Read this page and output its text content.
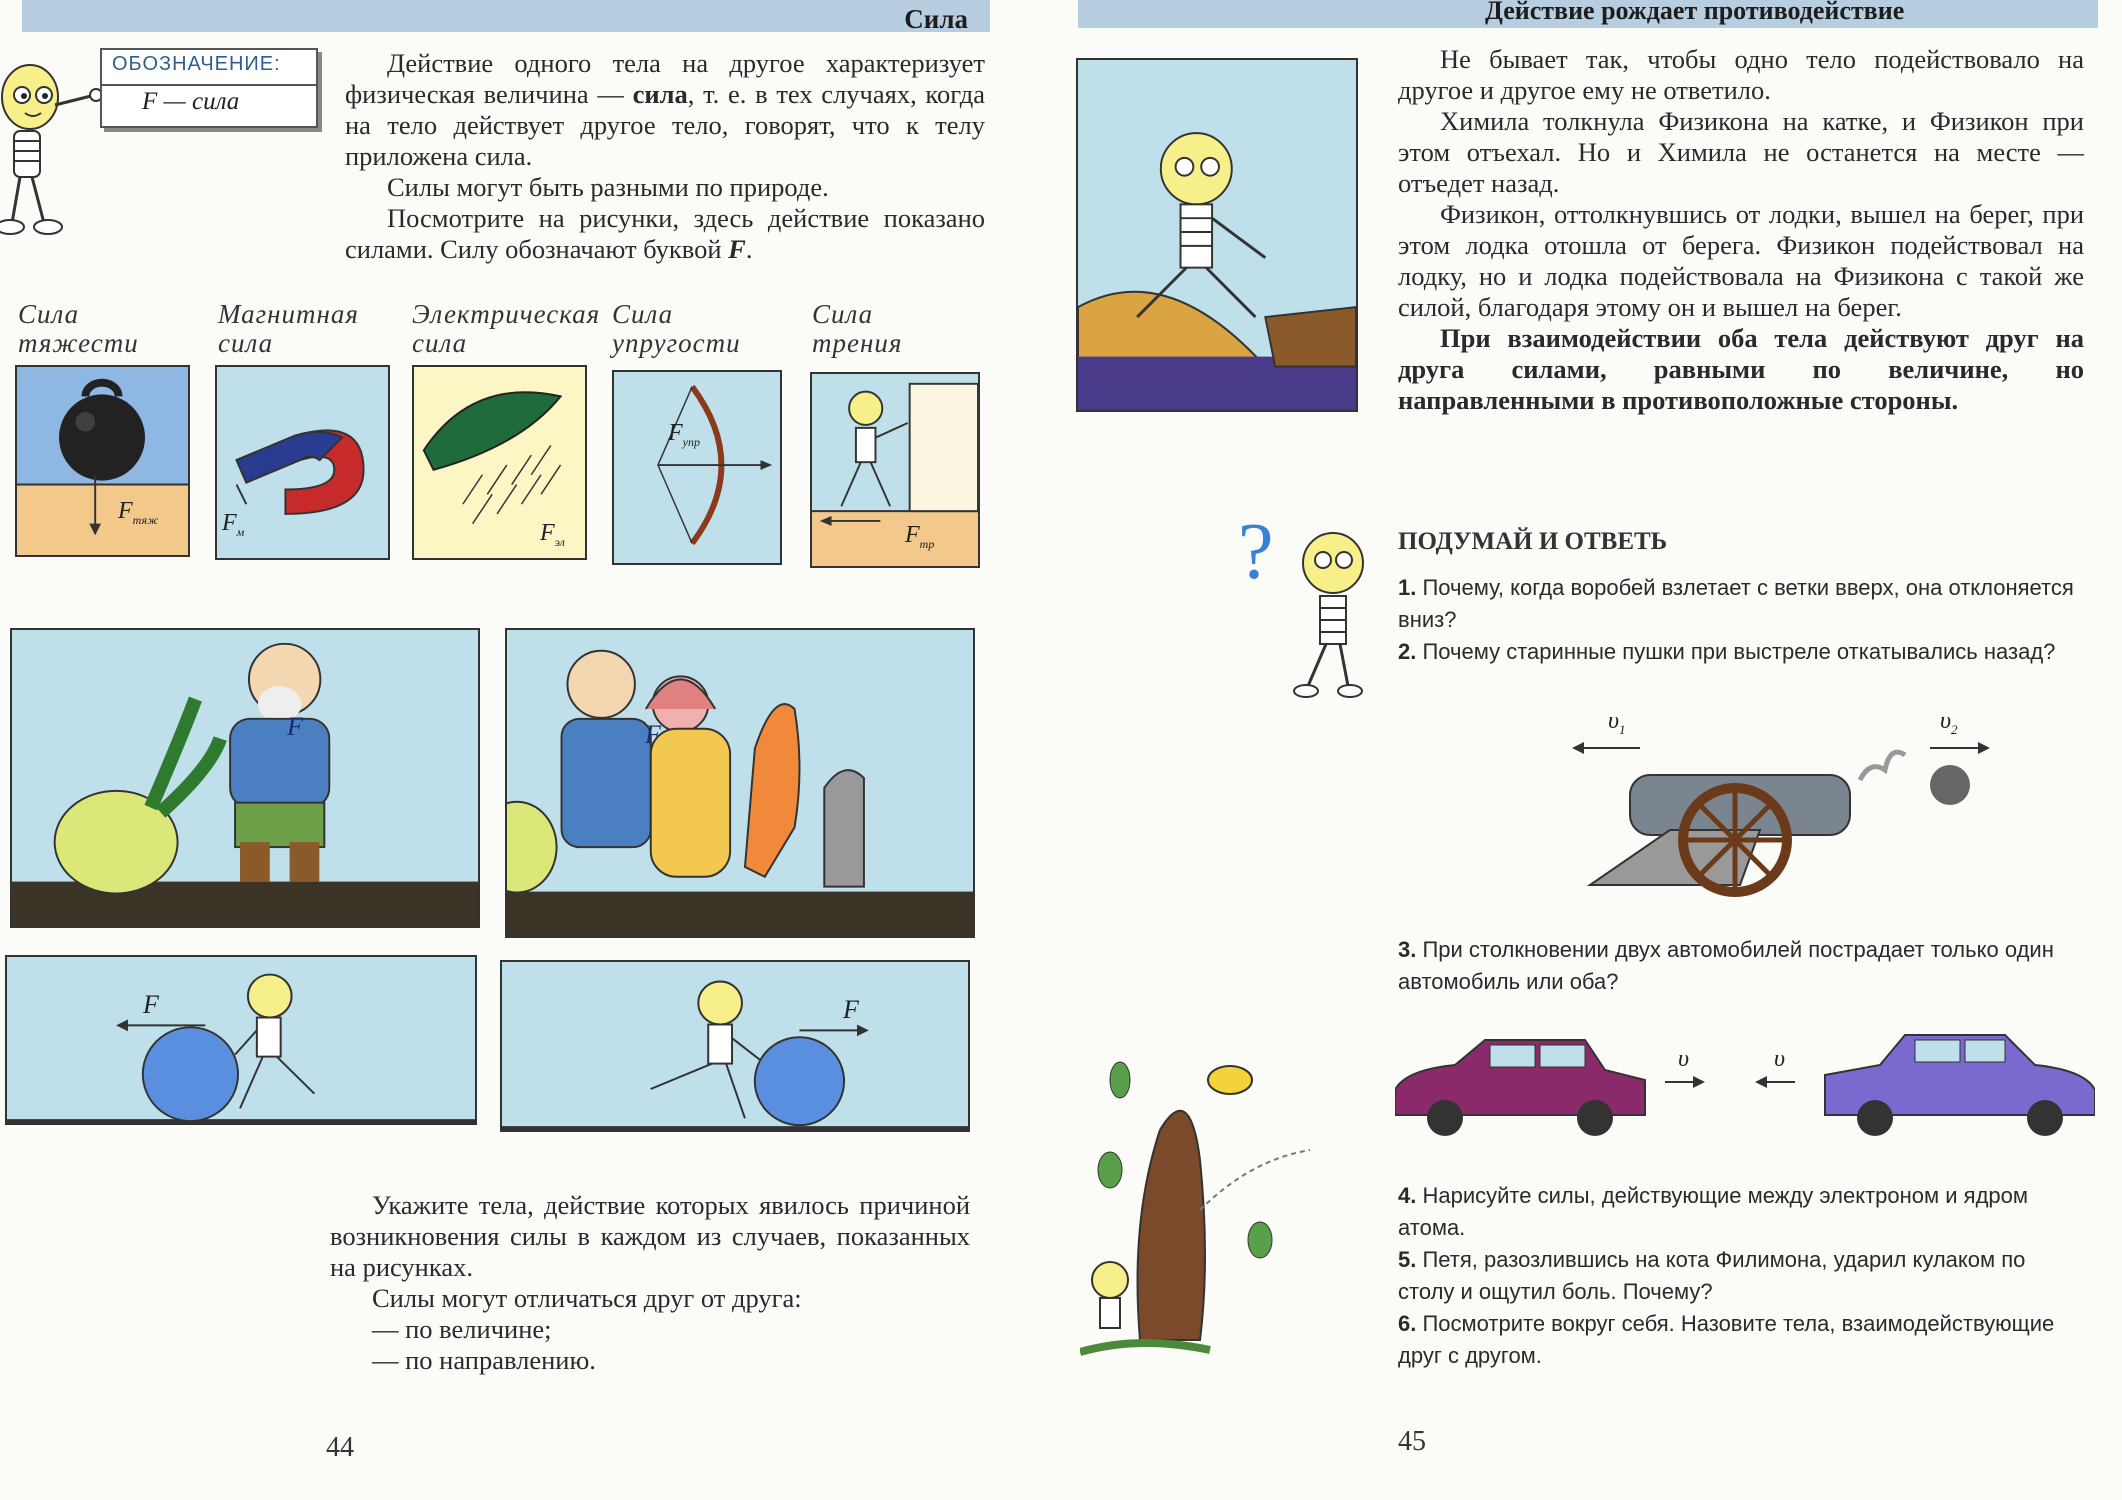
Сила
ОБОЗНАЧЕНИЕ:
F — сила

Действие одного тела на другое характеризует физическая величина — сила, т. е. в тех случаях, когда на тело действует другое тело, говорят, что к телу приложена сила.

Силы могут быть разными по природе.

Посмотрите на рисунки, здесь действие показано силами. Силу обозначают буквой F.

Сила тяжести
Магнитная сила
Электрическая сила
Сила упругости
Сила трения
$F_{тяж}$	$F_м$	$F_{эл}$
$F_{упр}$
$F_{тр}$
F	F
F	F

Укажите тела, действие которых явилось причиной возникновения силы в каждом из случаев, показанных на рисунках.

Силы могут отличаться друг от друга:

— по величине;

— по направлению.

44
Действие рождает противодействие

Не бывает так, чтобы одно тело подействовало на другое и другое ему не ответило.

Химила толкнула Физикона на катке, и Физикон при этом отъехал. Но и Химила не останется на месте — отъедет назад.

Физикон, оттолкнувшись от лодки, вышел на берег, при этом лодка отошла от берега. Физикон подействовал на лодку, но и лодка подействовала на Физикона с такой же силой, благодаря этому он и вышел на берег.

При взаимодействии оба тела действуют друг на друга силами, равными по величине, но направленными в противоположные стороны.

?	ПОДУМАЙ И ОТВЕТЬ
1. Почему, когда воробей взлетает с ветки вверх, она отклоняется вниз?
2. Почему старинные пушки при выстреле откатывались назад?
$\upsilon_1$	$\upsilon_2$
3. При столкновении двух автомобилей пострадает только один автомобиль или оба?
υ	υ
4. Нарисуйте силы, действующие между электроном и ядром атома.
5. Петя, разозлившись на кота Филимона, ударил кулаком по столу и ощутил боль. Почему?
6. Посмотрите вокруг себя. Назовите тела, взаимодействующие друг с другом.
45
